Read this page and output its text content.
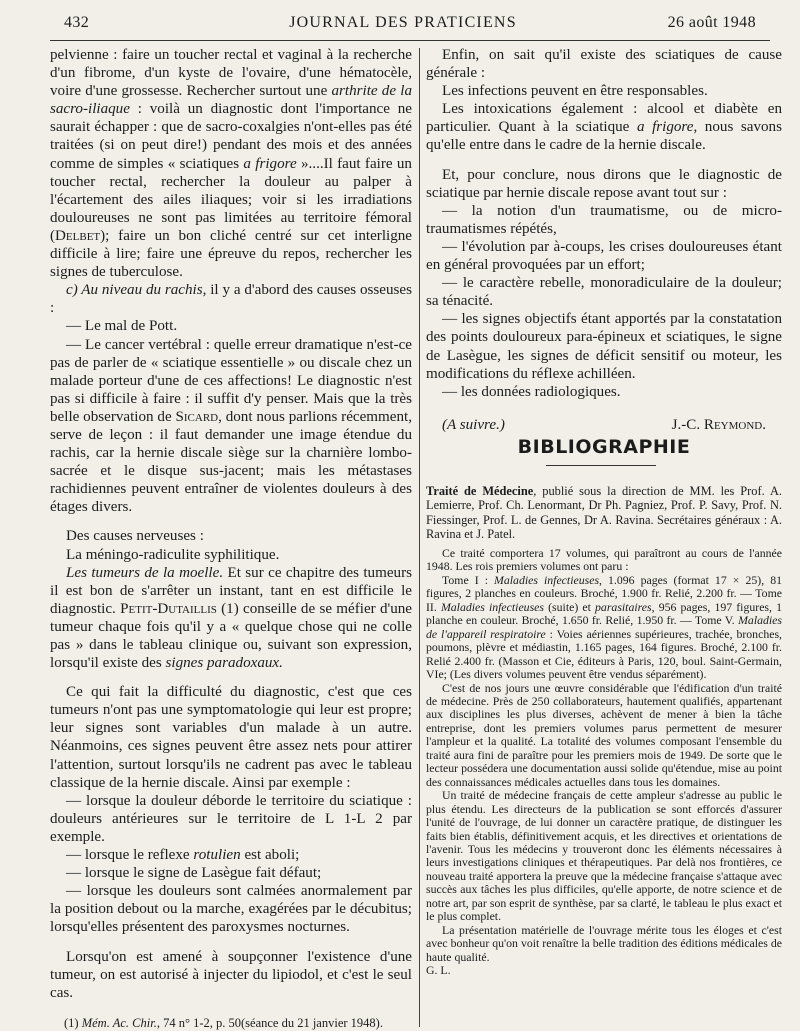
432	JOURNAL DES PRATICIENS	26 août 1948

pelvienne : faire un toucher rectal et vaginal à la recherche d'un fibrome, d'un kyste de l'ovaire, d'une hématocèle, voire d'une grossesse. Rechercher surtout une arthrite de la sacro-iliaque : voilà un diagnostic dont l'importance ne saurait échapper : que de sacro-coxalgies n'ont-elles pas été traitées (si on peut dire!) pendant des mois et des années comme de simples « sciatiques a frigore »....Il faut faire un toucher rectal, rechercher la douleur au palper à l'écartement des ailes iliaques; voir si les irradiations douloureuses ne sont pas limitées au territoire fémoral (Delbet); faire un bon cliché centré sur cet interligne difficile à lire; faire une épreuve du repos, rechercher les signes de tuberculose.

c) Au niveau du rachis, il y a d'abord des causes osseuses :

— Le mal de Pott.

— Le cancer vertébral : quelle erreur dramatique n'est-ce pas de parler de « sciatique essentielle » ou discale chez un malade porteur d'une de ces affections! Le diagnostic n'est pas si difficile à faire : il suffit d'y penser. Mais que la très belle observation de Sicard, dont nous parlions récemment, serve de leçon : il faut demander une image étendue du rachis, car la hernie discale siège sur la charnière lombo-sacrée et le disque sus-jacent; mais les métastases rachidiennes peuvent entraîner de violentes douleurs à des étages divers.

Des causes nerveuses :

La méningo-radiculite syphilitique.

Les tumeurs de la moelle. Et sur ce chapitre des tumeurs il est bon de s'arrêter un instant, tant en est difficile le diagnostic. Petit-Dutaillis (1) conseille de se méfier d'une tumeur chaque fois qu'il y a « quelque chose qui ne colle pas » dans le tableau clinique ou, suivant son expression, lorsqu'il existe des signes paradoxaux.

Ce qui fait la difficulté du diagnostic, c'est que ces tumeurs n'ont pas une symptomatologie qui leur est propre; leur signes sont variables d'un malade à un autre. Néanmoins, ces signes peuvent être assez nets pour attirer l'attention, surtout lorsqu'ils ne cadrent pas avec le tableau classique de la hernie discale. Ainsi par exemple :

— lorsque la douleur déborde le territoire du sciatique : douleurs antérieures sur le territoire de L 1-L 2 par exemple.

— lorsque le reflexe rotulien est aboli;

— lorsque le signe de Lasègue fait défaut;

— lorsque les douleurs sont calmées anormalement par la position debout ou la marche, exagérées par le décubitus; lorsqu'elles présentent des paroxysmes nocturnes.

Lorsqu'on est amené à soupçonner l'existence d'une tumeur, on est autorisé à injecter du lipiodol, et c'est le seul cas.

(1) Mém. Ac. Chir., 74 n° 1-2, p. 50(séance du 21 janvier 1948).

Enfin, on sait qu'il existe des sciatiques de cause générale :

Les infections peuvent en être responsables.

Les intoxications également : alcool et diabète en particulier. Quant à la sciatique a frigore, nous savons qu'elle entre dans le cadre de la hernie discale.

Et, pour conclure, nous dirons que le diagnostic de sciatique par hernie discale repose avant tout sur :

— la notion d'un traumatisme, ou de micro-traumatismes répétés,

— l'évolution par à-coups, les crises douloureuses étant en général provoquées par un effort;

— le caractère rebelle, monoradiculaire de la douleur; sa ténacité.

— les signes objectifs étant apportés par la constatation des points douloureux para-épineux et sciatiques, le signe de Lasègue, les signes de déficit sensitif ou moteur, les modifications du réflexe achilléen.

— les données radiologiques.

(A suivre.)	J.-C. Reymond.
BIBLIOGRAPHIE

Traité de Médecine, publié sous la direction de MM. les Prof. A. Lemierre, Prof. Ch. Lenormant, Dr Ph. Pagniez, Prof. P. Savy, Prof. N. Fiessinger, Prof. L. de Gennes, Dr A. Ravina. Secrétaires généraux : A. Ravina et J. Patel.

Ce traité comportera 17 volumes, qui paraîtront au cours de l'année 1948. Les rois premiers volumes ont paru :

Tome I : Maladies infectieuses, 1.096 pages (format 17 × 25), 81 figures, 2 planches en couleurs. Broché, 1.900 fr. Relié, 2.200 fr. — Tome II. Maladies infectieuses (suite) et parasitaires, 956 pages, 197 figures, 1 planche en couleur. Broché, 1.650 fr. Relié, 1.950 fr. — Tome V. Maladies de l'appareil respiratoire : Voies aériennes supérieures, trachée, bronches, poumons, plèvre et médiastin, 1.165 pages, 164 figures. Broché, 2.100 fr. Relié 2.400 fr. (Masson et Cie, éditeurs à Paris, 120, boul. Saint-Germain, VIe; (Les divers volumes peuvent être vendus séparément).

C'est de nos jours une œuvre considérable que l'édification d'un traité de médecine. Près de 250 collaborateurs, hautement qualifiés, appartenant aux disciplines les plus diverses, achèvent de mener à bien la tâche entreprise, dont les premiers volumes parus permettent de mesurer l'ampleur et la qualité. La totalité des volumes composant l'ensemble du traité aura fini de paraître pour les premiers mois de 1949. De sorte que le lecteur possédera une documentation aussi solide qu'étendue, mise au point des connaissances médicales actuelles dans tous les domaines.

Un traité de médecine français de cette ampleur s'adresse au public le plus étendu. Les directeurs de la publication se sont efforcés d'assurer l'unité de l'ouvrage, de lui donner un caractère pratique, de distinguer les faits bien établis, définitivement acquis, et les directives et orientations de l'avenir. Tous les médecins y trouveront donc les éléments nécessaires à leurs investigations cliniques et thérapeutiques. Par delà nos frontières, ce nouveau traité apportera la preuve que la médecine française s'attaque avec succès aux tâches les plus difficiles, qu'elle apporte, de notre science et de notre art, par son esprit de synthèse, par sa clarté, le tableau le plus exact et le plus complet.

La présentation matérielle de l'ouvrage mérite tous les éloges et c'est avec bonheur qu'on voit renaître la belle tradition des éditions médicales de haute qualité.

G. L.
